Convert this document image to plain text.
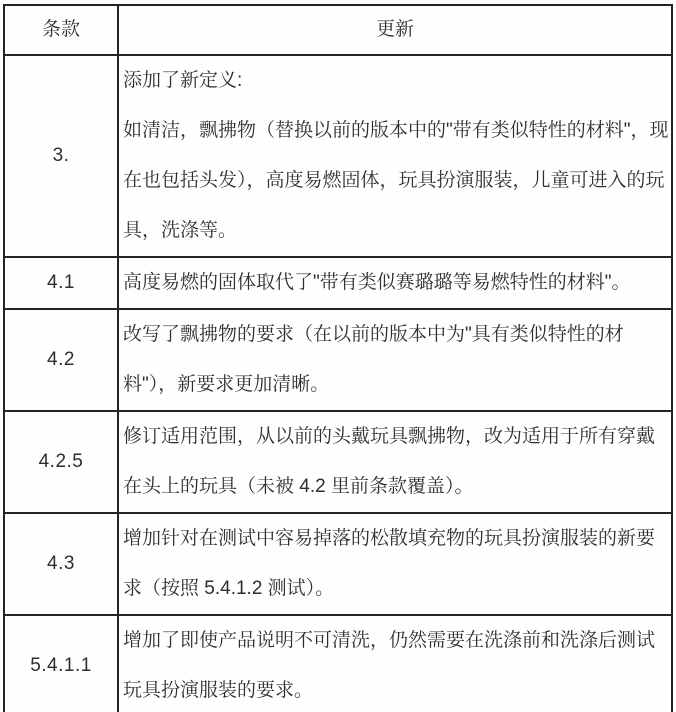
条款	更新
3.	添加了新定义:

如清洁，飘拂物（替换以前的版本中的"带有类似特性的材料"，现在也包括头发），高度易燃固体，玩具扮演服装，儿童可进入的玩具，洗涤等。

4.1	高度易燃的固体取代了"带有类似赛璐璐等易燃特性的材料"。

4.2	改写了飘拂物的要求（在以前的版本中为"具有类似特性的材料"），新要求更加清晰。

4.2.5	修订适用范围，从以前的头戴玩具飘拂物，改为适用于所有穿戴在头上的玩具（未被 4.2 里前条款覆盖）。

4.3	增加针对在测试中容易掉落的松散填充物的玩具扮演服装的新要求（按照 5.4.1.2 测试）。

5.4.1.1	增加了即使产品说明不可清洗，仍然需要在洗涤前和洗涤后测试玩具扮演服装的要求。
